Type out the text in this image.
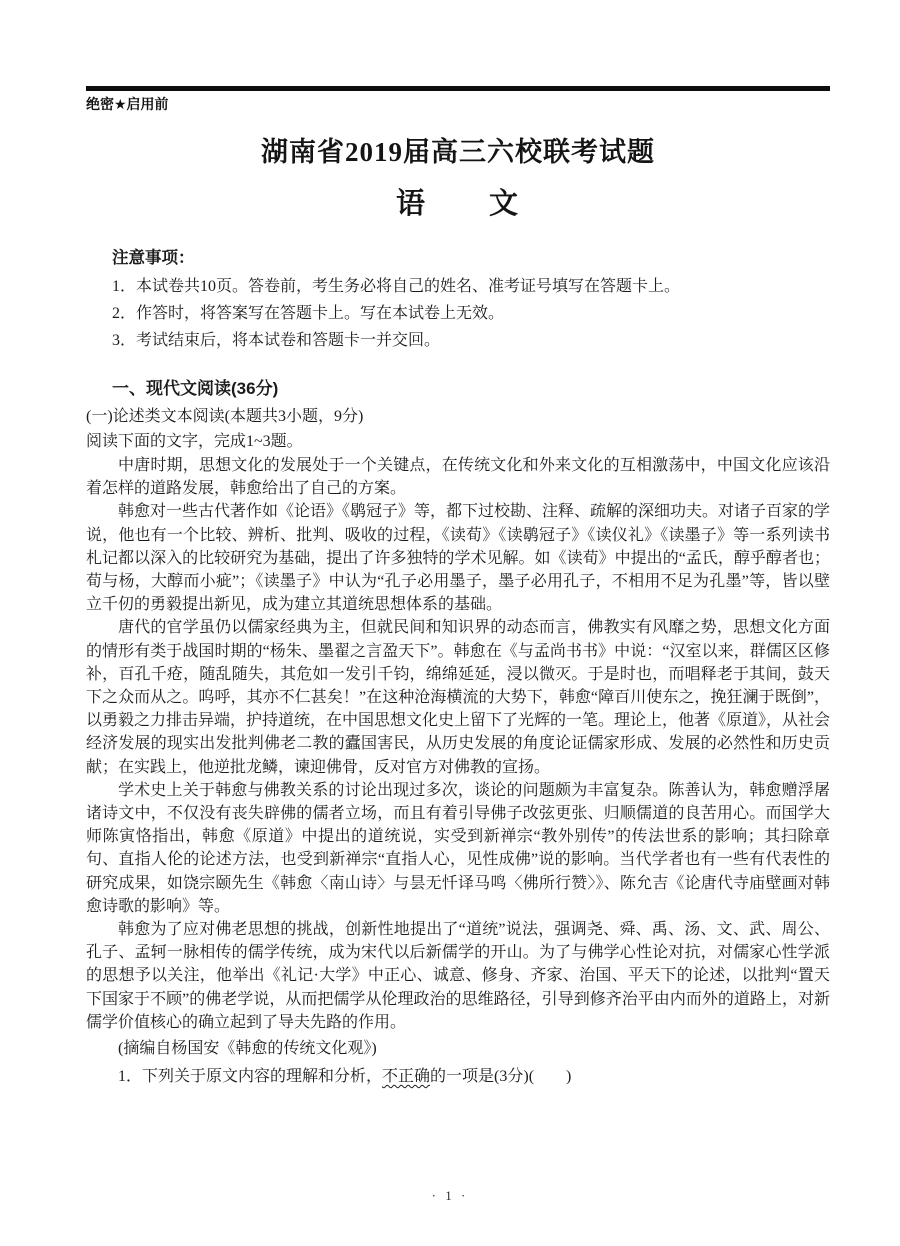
绝密★启用前
湖南省2019届高三六校联考试题
语　　文
注意事项：
1．本试卷共10页。答卷前，考生务必将自己的姓名、准考证号填写在答题卡上。
2．作答时，将答案写在答题卡上。写在本试卷上无效。
3．考试结束后，将本试卷和答题卡一并交回。
一、现代文阅读(36分)
(一)论述类文本阅读(本题共3小题，9分)
阅读下面的文字，完成1~3题。

中唐时期，思想文化的发展处于一个关键点，在传统文化和外来文化的互相激荡中，中国文化应该沿着怎样的道路发展，韩愈给出了自己的方案。

韩愈对一些古代著作如《论语》《鹖冠子》等，都下过校勘、注释、疏解的深细功夫。对诸子百家的学说，他也有一个比较、辨析、批判、吸收的过程，《读荀》《读鹖冠子》《读仪礼》《读墨子》等一系列读书札记都以深入的比较研究为基础，提出了许多独特的学术见解。如《读荀》中提出的“孟氏，醇乎醇者也；荀与杨，大醇而小疵”；《读墨子》中认为“孔子必用墨子，墨子必用孔子，不相用不足为孔墨”等，皆以壁立千仞的勇毅提出新见，成为建立其道统思想体系的基础。

唐代的官学虽仍以儒家经典为主，但就民间和知识界的动态而言，佛教实有风靡之势，思想文化方面的情形有类于战国时期的“杨朱、墨翟之言盈天下”。韩愈在《与孟尚书书》中说：“汉室以来，群儒区区修补，百孔千疮，随乱随失，其危如一发引千钧，绵绵延延，浸以微灭。于是时也，而唱释老于其间，鼓天下之众而从之。呜呼，其亦不仁甚矣！”在这种沧海横流的大势下，韩愈“障百川使东之，挽狂澜于既倒”，以勇毅之力排击异端，护持道统，在中国思想文化史上留下了光辉的一笔。理论上，他著《原道》，从社会经济发展的现实出发批判佛老二教的蠹国害民，从历史发展的角度论证儒家形成、发展的必然性和历史贡献；在实践上，他逆批龙鳞，谏迎佛骨，反对官方对佛教的宣扬。

学术史上关于韩愈与佛教关系的讨论出现过多次，谈论的问题颇为丰富复杂。陈善认为，韩愈赠浮屠诸诗文中，不仅没有丧失辟佛的儒者立场，而且有着引导佛子改弦更张、归顺儒道的良苦用心。而国学大师陈寅恪指出，韩愈《原道》中提出的道统说，实受到新禅宗“教外别传”的传法世系的影响；其扫除章句、直指人伦的论述方法，也受到新禅宗“直指人心，见性成佛”说的影响。当代学者也有一些有代表性的研究成果，如饶宗颐先生《韩愈〈南山诗〉与昙无忏译马鸣〈佛所行赞〉》、陈允吉《论唐代寺庙壁画对韩愈诗歌的影响》等。

韩愈为了应对佛老思想的挑战，创新性地提出了“道统”说法，强调尧、舜、禹、汤、文、武、周公、孔子、孟轲一脉相传的儒学传统，成为宋代以后新儒学的开山。为了与佛学心性论对抗，对儒家心性学派的思想予以关注，他举出《礼记·大学》中正心、诚意、修身、齐家、治国、平天下的论述，以批判“置天下国家于不顾”的佛老学说，从而把儒学从伦理政治的思维路径，引导到修齐治平由内而外的道路上，对新儒学价值核心的确立起到了导夫先路的作用。

(摘编自杨国安《韩愈的传统文化观》)

1．下列关于原文内容的理解和分析，不正确的一项是(3分)(　　)

· 1 ·
